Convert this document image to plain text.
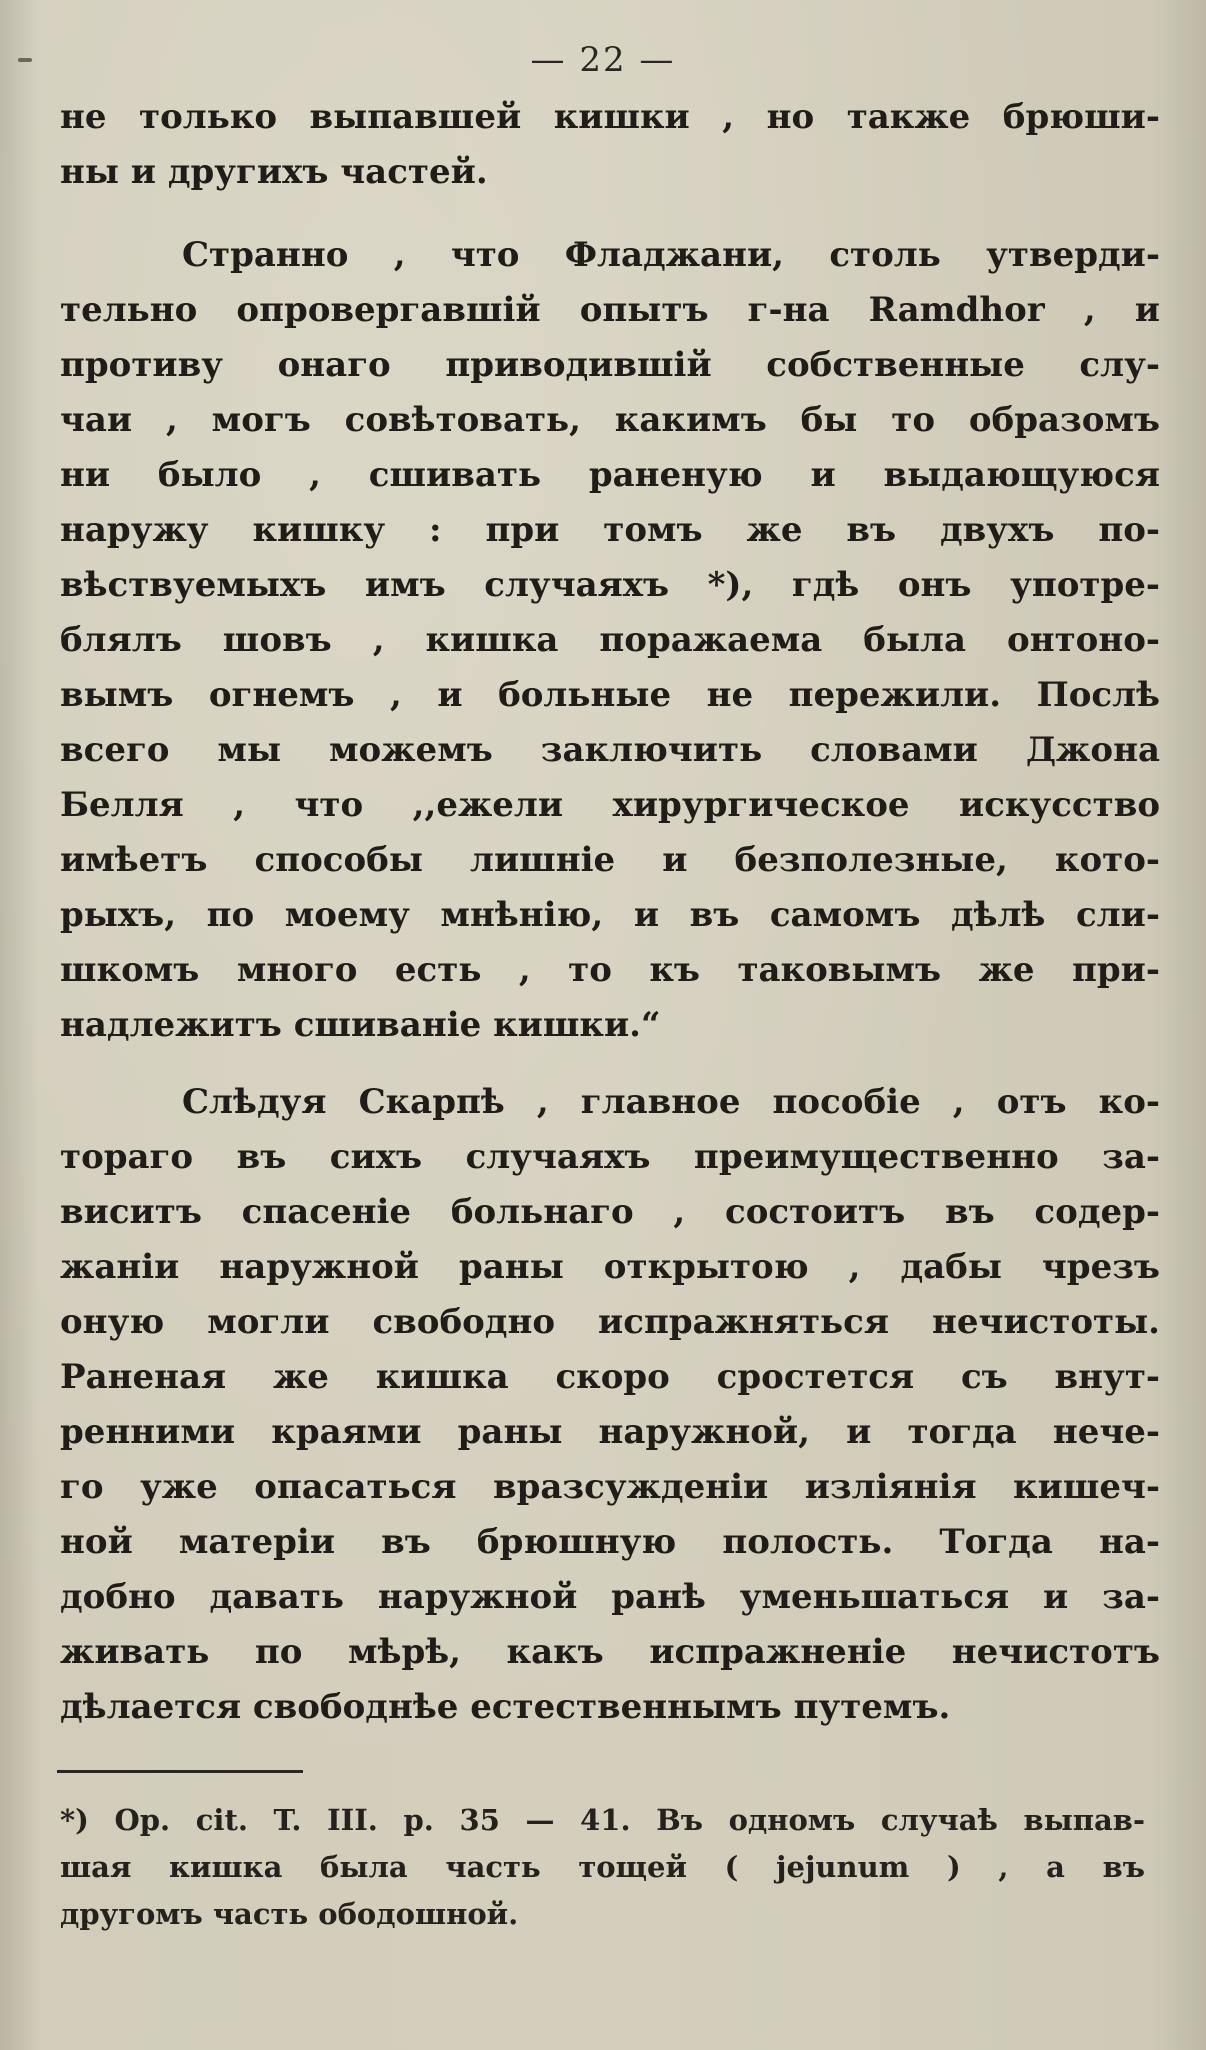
— 22 —
не только выпавшей кишки , но также брюши-
ны и другихъ частей.
Странно , что Фладжани, столь утверди-
тельно опровергавшій опытъ г-на Ramdhor , и
противу онаго приводившій собственные слу-
чаи , могъ совѣтовать, какимъ бы то образомъ
ни было , сшивать раненую и выдающуюся
наружу кишку : при томъ же въ двухъ по-
вѣствуемыхъ имъ случаяхъ *), гдѣ онъ употре-
блялъ шовъ , кишка поражаема была онтоно-
вымъ огнемъ , и больные не пережили. Послѣ
всего мы можемъ заключить словами Джона
Белля , что ,,ежели хирургическое искусство
имѣетъ способы лишніе и безполезные, кото-
рыхъ, по моему мнѣнію, и въ самомъ дѣлѣ сли-
шкомъ много есть , то къ таковымъ же при-
надлежитъ сшиваніе кишки.“
Слѣдуя Скарпѣ , главное пособіе , отъ ко-
тораго въ сихъ случаяхъ преимущественно за-
виситъ спасеніе больнаго , состоитъ въ содер-
жаніи наружной раны открытою , дабы чрезъ
оную могли свободно испражняться нечистоты.
Раненая же кишка скоро сростется съ внут-
ренними краями раны наружной, и тогда нече-
го уже опасаться вразсужденіи изліянія кишеч-
ной матеріи въ брюшную полость. Тогда на-
добно давать наружной ранѣ уменьшаться и за-
живать по мѣрѣ, какъ испражненіе нечистотъ
дѣлается свободнѣе естественнымъ путемъ.
*) Op. cit. T. III. p. 35 — 41. Въ одномъ случаѣ выпав-
шая кишка была часть тощей ( jejunum ) , а въ
другомъ часть ободошной.
